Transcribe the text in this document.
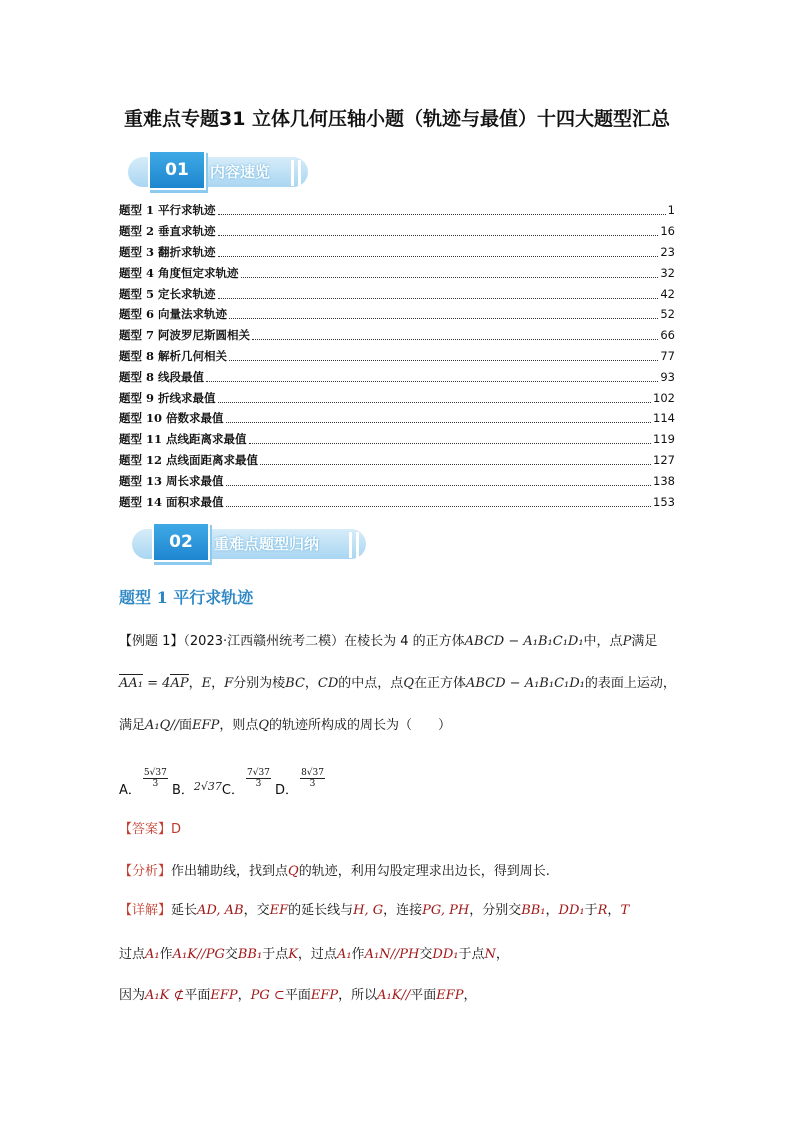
重难点专题31 立体几何压轴小题（轨迹与最值）十四大题型汇总
01	内容速览
题型 1 平行求轨迹	1
题型 2 垂直求轨迹	16
题型 3 翻折求轨迹	23
题型 4 角度恒定求轨迹	32
题型 5 定长求轨迹	42
题型 6 向量法求轨迹	52
题型 7 阿波罗尼斯圆相关	66
题型 8 解析几何相关	77
题型 8 线段最值	93
题型 9 折线求最值	102
题型 10 倍数求最值	114
题型 11 点线距离求最值	119
题型 12 点线面距离求最值	127
题型 13 周长求最值	138
题型 14 面积求最值	153
02	重难点题型归纳
题型 1 平行求轨迹
【例题 1】（2023·江西赣州统考二模）在棱长为 4 的正方体ABCD − A₁B₁C₁D₁中，点P满足
AA₁ = 4AP，E，F分别为棱BC，CD的中点，点Q在正方体ABCD − A₁B₁C₁D₁的表面上运动，
满足A₁Q//面EFP，则点Q的轨迹所构成的周长为（　　）
A．
$\frac{5√37}{3}$
B．$^{2√37}$C．
$\frac{7√37}{3}$
D．
$\frac{8√37}{3}$
【答案】D
【分析】作出辅助线，找到点Q的轨迹，利用勾股定理求出边长，得到周长.
【详解】延长AD, AB，交EF的延长线与H, G，连接PG, PH，分别交BB₁，DD₁于R，T
过点A₁作A₁K//PG交BB₁于点K，过点A₁作A₁N//PH交DD₁于点N，
因为A₁K ⊄平面EFP，PG ⊂平面EFP，所以A₁K//平面EFP，
